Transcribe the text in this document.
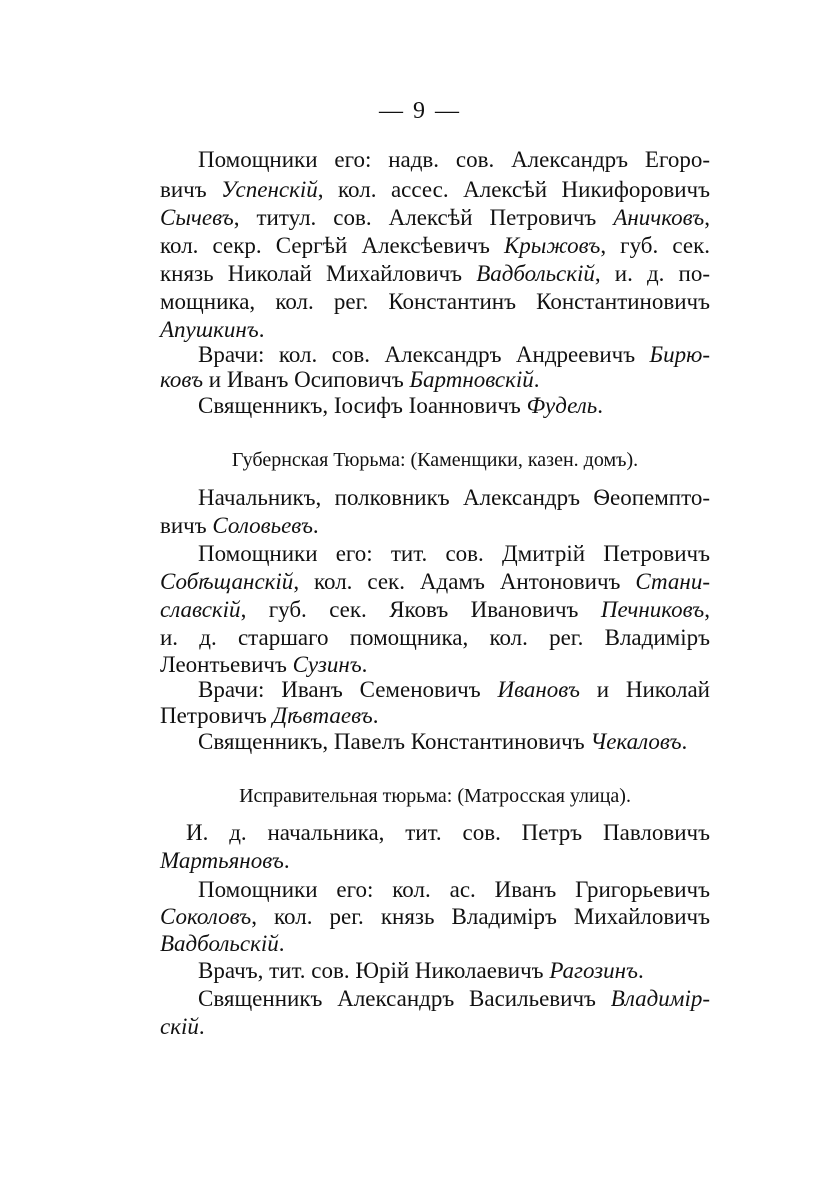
— 9 —
Помощники его: надв. сов. Александръ Егоро-
вичъ Успенскій, кол. ассес. Алексѣй Никифоровичъ
Сычевъ, титул. сов. Алексѣй Петровичъ Аничковъ,
кол. секр. Сергѣй Алексѣевичъ Крыжовъ, губ. сек.
князь Николай Михайловичъ Вадбольскій, и. д. по-
мощника, кол. рег. Константинъ Константиновичъ
Апушкинъ.
Врачи: кол. сов. Александръ Андреевичъ Бирю-
ковъ и Иванъ Осиповичъ Бартновскій.
Священникъ, Іосифъ Іоанновичъ Фудель.
Губернская Тюрьма: (Каменщики, казен. домъ).
Начальникъ, полковникъ Александръ Ѳеопемпто-
вичъ Соловьевъ.
Помощники его: тит. сов. Дмитрій Петровичъ
Собѣщанскій, кол. сек. Адамъ Антоновичъ Стани-
славскій, губ. сек. Яковъ Ивановичъ Печниковъ,
и. д. старшаго помощника, кол. рег. Владиміръ
Леонтьевичъ Сузинъ.
Врачи: Иванъ Семеновичъ Ивановъ и Николай
Петровичъ Дѣвтаевъ.
Священникъ, Павелъ Константиновичъ Чекаловъ.
Исправительная тюрьма: (Матросская улица).
И. д. начальника, тит. сов. Петръ Павловичъ
Мартьяновъ.
Помощники его: кол. ас. Иванъ Григорьевичъ
Соколовъ, кол. рег. князь Владиміръ Михайловичъ
Вадбольскій.
Врачъ, тит. сов. Юрій Николаевичъ Рагозинъ.
Священникъ Александръ Васильевичъ Владимір-
скій.
